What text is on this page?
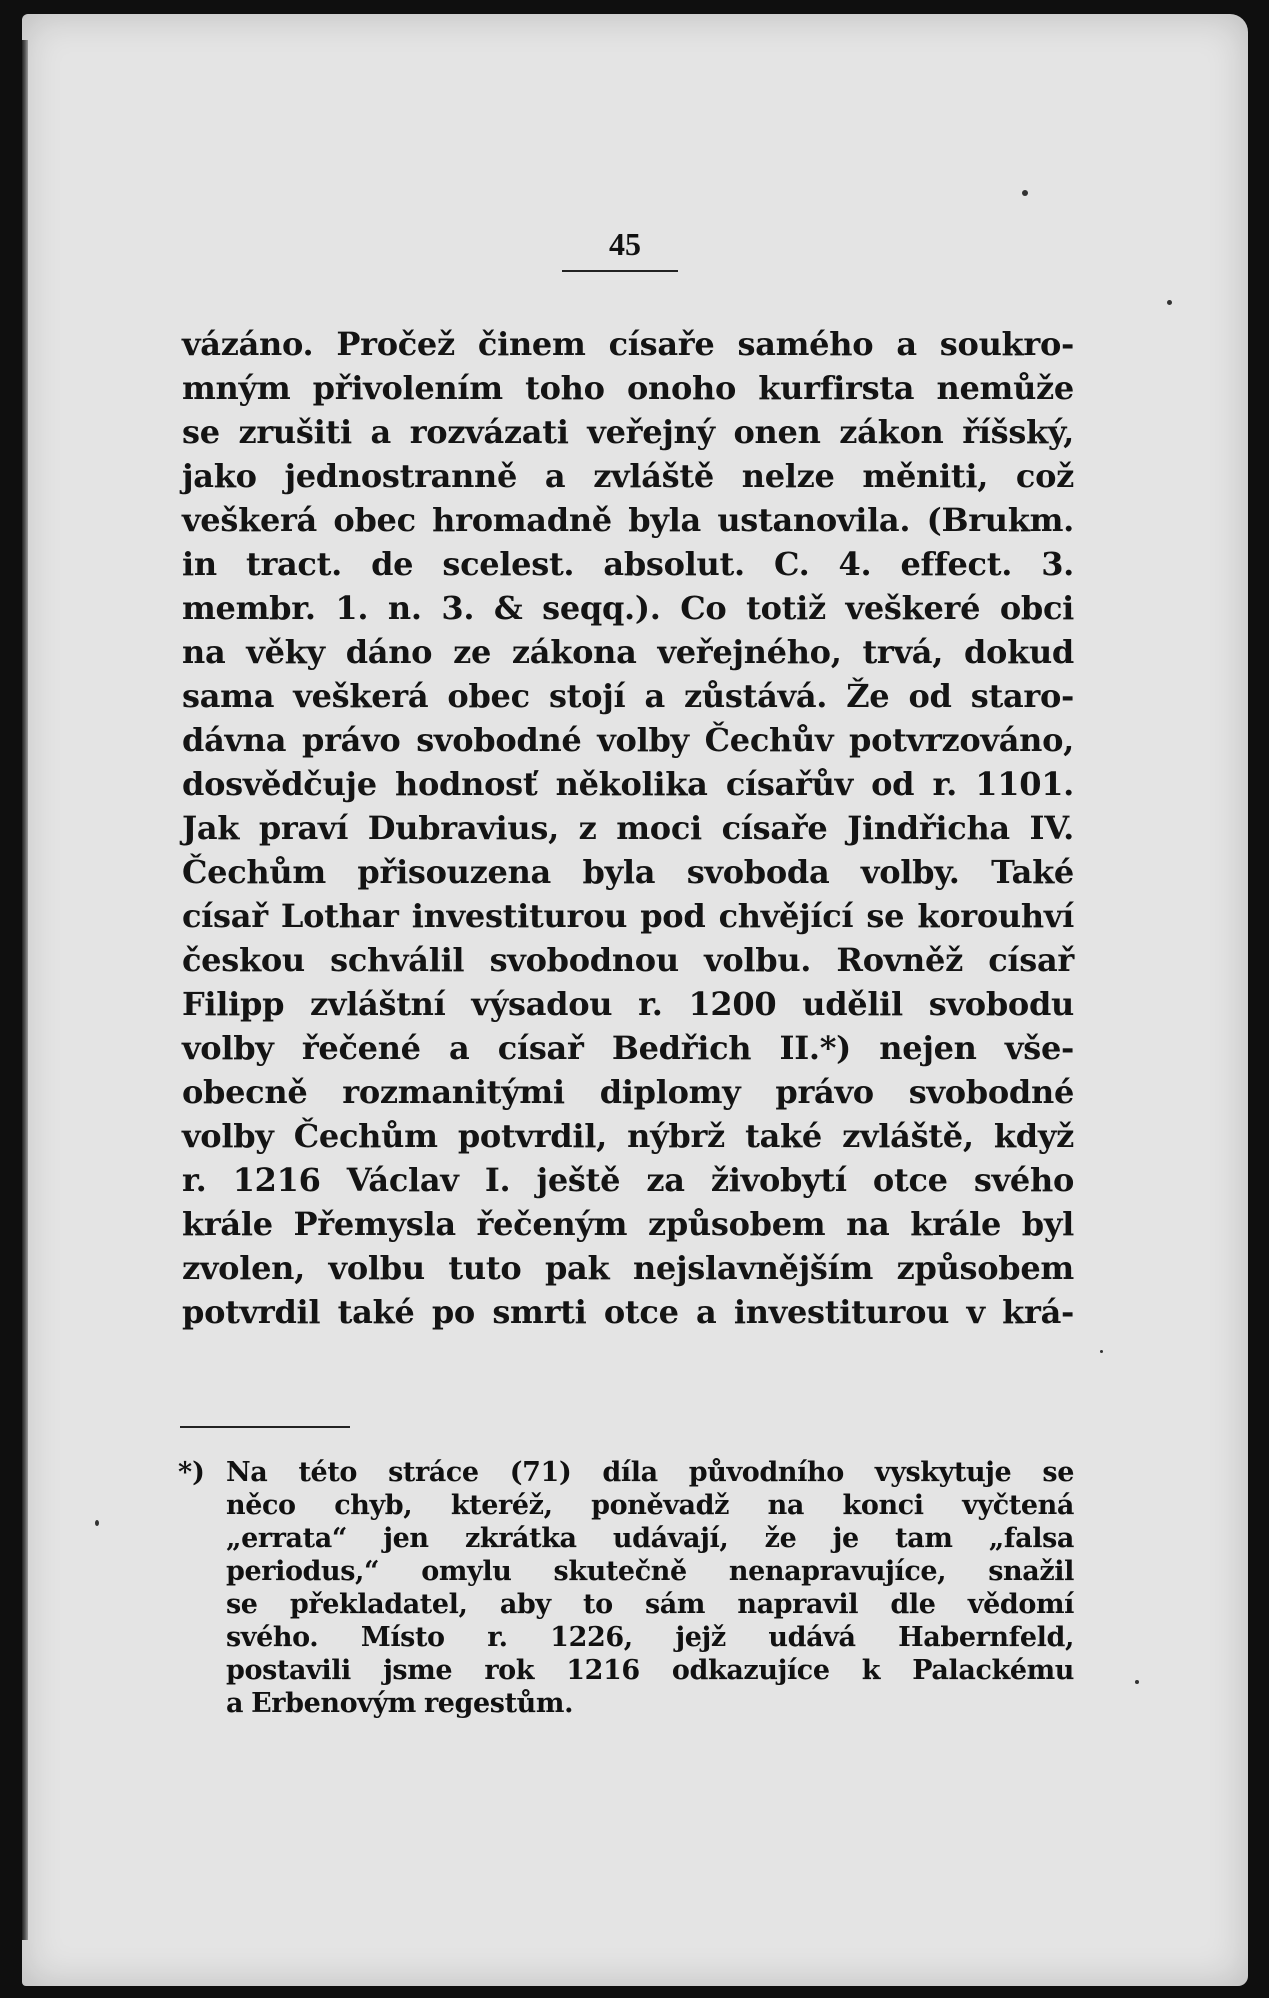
45
vázáno. Pročež činem císaře samého a soukro-
mným přivolením toho onoho kurfirsta nemůže
se zrušiti a rozvázati veřejný onen zákon říšský,
jako jednostranně a zvláště nelze měniti, což
veškerá obec hromadně byla ustanovila. (Brukm.
in tract. de scelest. absolut. C. 4. effect. 3.
membr. 1. n. 3. & seqq.). Co totiž veškeré obci
na věky dáno ze zákona veřejného, trvá, dokud
sama veškerá obec stojí a zůstává. Že od staro-
dávna právo svobodné volby Čechův potvrzováno,
dosvědčuje hodnosť několika císařův od r. 1101.
Jak praví Dubravius, z moci císaře Jindřicha IV.
Čechům přisouzena byla svoboda volby. Také
císař Lothar investiturou pod chvějící se korouhví
českou schválil svobodnou volbu. Rovněž císař
Filipp zvláštní výsadou r. 1200 udělil svobodu
volby řečené a císař Bedřich II.*) nejen vše-
obecně rozmanitými diplomy právo svobodné
volby Čechům potvrdil, nýbrž také zvláště, když
r. 1216 Václav I. ještě za živobytí otce svého
krále Přemysla řečeným způsobem na krále byl
zvolen, volbu tuto pak nejslavnějším způsobem
potvrdil také po smrti otce a investiturou v krá-
*) Na této stráce (71) díla původního vyskytuje se
něco chyb, kteréž, poněvadž na konci vyčtená
„errata“ jen zkrátka udávají, že je tam „falsa
periodus,“ omylu skutečně nenapravujíce, snažil
se překladatel, aby to sám napravil dle vědomí
svého. Místo r. 1226, jejž udává Habernfeld,
postavili jsme rok 1216 odkazujíce k Palackému
a Erbenovým regestům.
